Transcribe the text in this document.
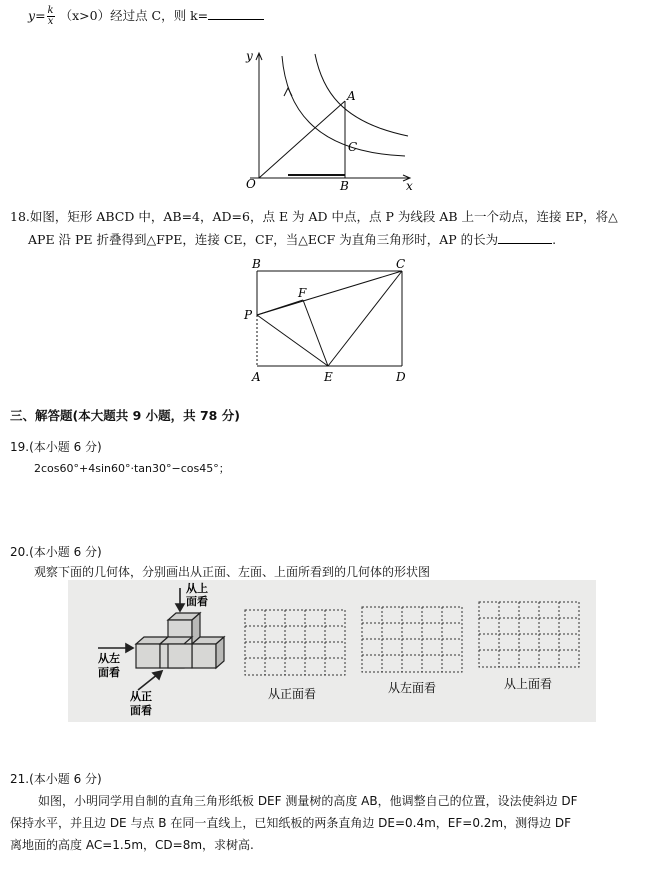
$y= \frac{k}{x} (x>0)$经过点 C，则 k=
y
x
O
A
B
C
18.如图，矩形 ABCD 中，AB=4，AD=6，点 E 为 AD 中点，点 P 为线段 AB 上一个动点，连接 EP，将△
APE 沿 PE 折叠得到△FPE，连接 CE，CF，当△ECF 为直角三角形时，AP 的长为	.
B	C
F
P
A	E	D
三、解答题(本大题共 9 小题，共 78 分)
19.(本小题 6 分)
2cos60°+4sin60°·tan30°−cos45°；
20.(本小题 6 分)
观察下面的几何体，分别画出从正面、左面、上面所看到的几何体的形状图
从上
面看
从左
面看
从正
面看
从正面看	从左面看	从上面看
21.(本小题 6 分)
如图，小明同学用自制的直角三角形纸板 DEF 测量树的高度 AB，他调整自己的位置，设法使斜边 DF
保持水平，并且边 DE 与点 B 在同一直线上，已知纸板的两条直角边 DE=0.4m，EF=0.2m，测得边 DF
离地面的高度 AC=1.5m，CD=8m，求树高.
